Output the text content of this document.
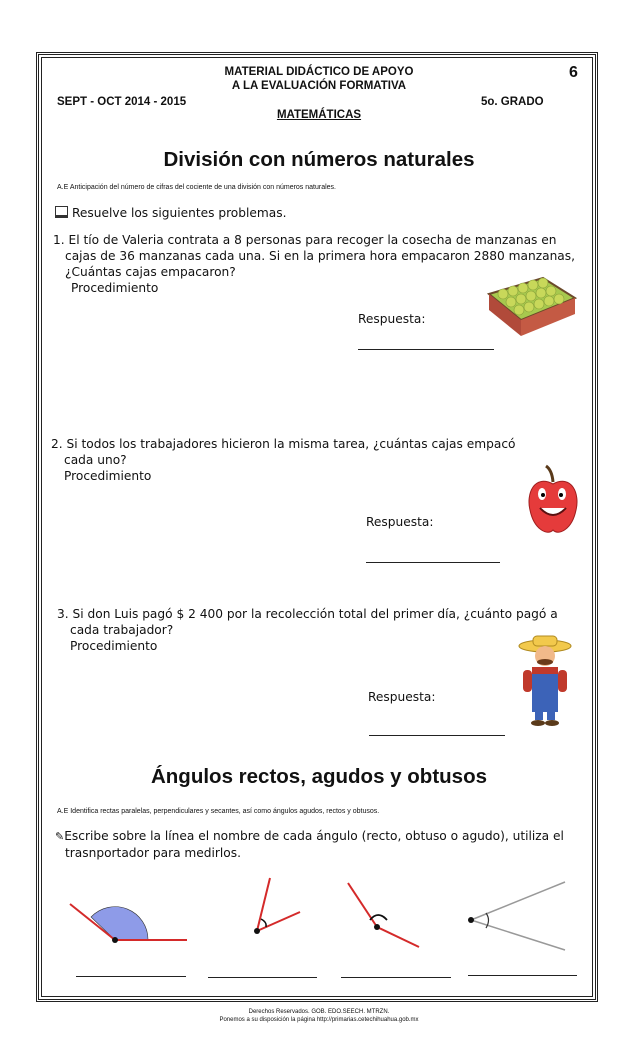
MATERIAL DIDÁCTICO DE APOYO
A LA EVALUACIÓN FORMATIVA
6
SEPT - OCT 2014 - 2015	5o. GRADO
MATEMÁTICAS
División con números naturales
A.E Anticipación del número de cifras del cociente de una división con números naturales.
Resuelve los siguientes problemas.
1. El tío de Valeria contrata a 8 personas para recoger la cosecha de manzanas en
cajas de 36 manzanas cada una. Si en la primera hora empacaron 2880 manzanas,
¿Cuántas cajas empacaron?
Procedimiento
Respuesta:
2. Si todos los trabajadores hicieron la misma tarea, ¿cuántas cajas empacó
cada uno?
Procedimiento
Respuesta:
3. Si don Luis pagó $ 2 400 por la recolección total del primer día, ¿cuánto pagó a
cada trabajador?
Procedimiento
Respuesta:
Ángulos rectos, agudos y obtusos
A.E Identifica rectas paralelas, perpendiculares y secantes, así como ángulos agudos, rectos y obtusos.
✎Escribe sobre la línea el nombre de cada ángulo (recto, obtuso o agudo), utiliza el
trasnportador para medirlos.
Derechos Reservados. GOB. EDO.SEECH. MTRZN.
Ponemos a su disposición la página http://primarias.cetechihuahua.gob.mx
